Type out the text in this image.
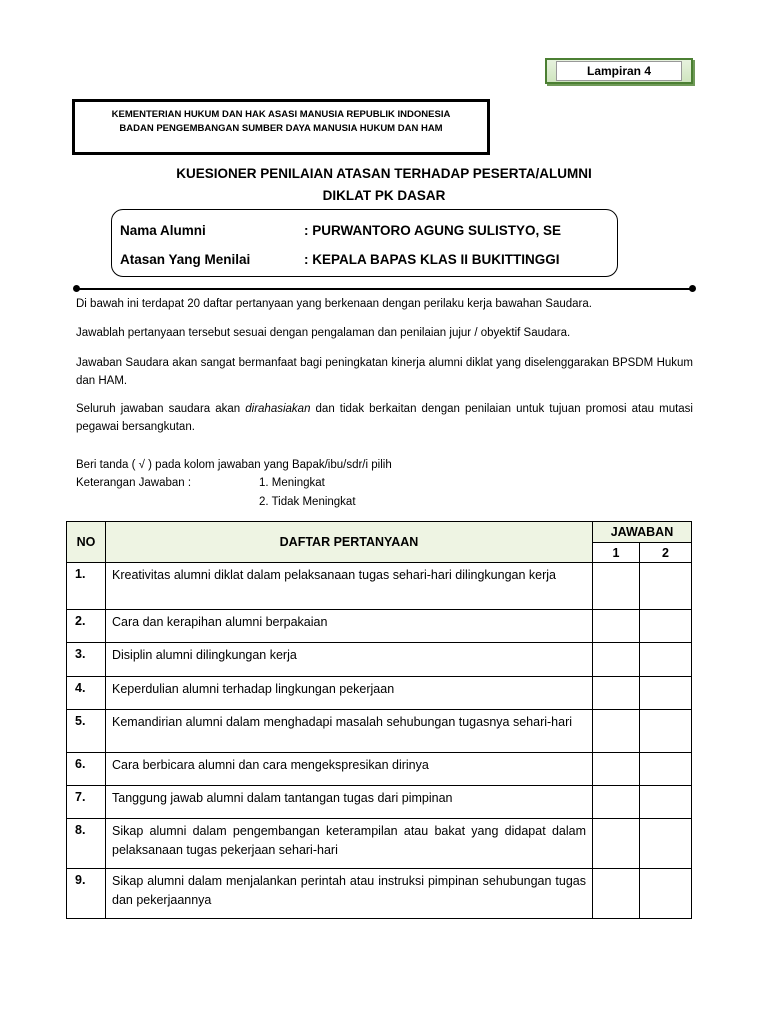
Lampiran 4
KEMENTERIAN HUKUM DAN HAK ASASI MANUSIA REPUBLIK INDONESIA
BADAN PENGEMBANGAN SUMBER DAYA MANUSIA HUKUM DAN HAM
KUESIONER PENILAIAN ATASAN TERHADAP PESERTA/ALUMNI
DIKLAT PK DASAR
Nama Alumni	: PURWANTORO AGUNG SULISTYO, SE
Atasan Yang Menilai	: KEPALA BAPAS KLAS II BUKITTINGGI
Di bawah ini terdapat 20 daftar pertanyaan yang berkenaan dengan perilaku kerja bawahan Saudara.
Jawablah pertanyaan tersebut sesuai dengan pengalaman dan penilaian jujur / obyektif Saudara.
Jawaban Saudara akan sangat bermanfaat bagi peningkatan kinerja alumni diklat yang diselenggarakan BPSDM Hukum dan HAM.
Seluruh jawaban saudara akan dirahasiakan dan tidak berkaitan dengan penilaian untuk tujuan promosi atau mutasi pegawai bersangkutan.
Beri tanda ( √ ) pada kolom jawaban yang Bapak/ibu/sdr/i pilih
Keterangan Jawaban :	1. Meningkat
2. Tidak Meningkat
NO	DAFTAR PERTANYAAN	JAWABAN	
		1	2
1.	Kreativitas alumni diklat dalam pelaksanaan tugas sehari-hari dilingkungan kerja		
2.	Cara dan kerapihan alumni berpakaian		
3.	Disiplin alumni dilingkungan kerja		
4.	Keperdulian alumni terhadap lingkungan pekerjaan		
5.	Kemandirian alumni dalam menghadapi masalah sehubungan tugasnya sehari-hari		
6.	Cara berbicara alumni dan cara mengekspresikan dirinya		
7.	Tanggung jawab alumni dalam tantangan tugas dari pimpinan		
8.	Sikap alumni dalam pengembangan keterampilan atau bakat yang didapat dalam pelaksanaan tugas pekerjaan sehari-hari		
9.	Sikap alumni dalam menjalankan perintah atau instruksi pimpinan sehubungan tugas dan pekerjaannya		
